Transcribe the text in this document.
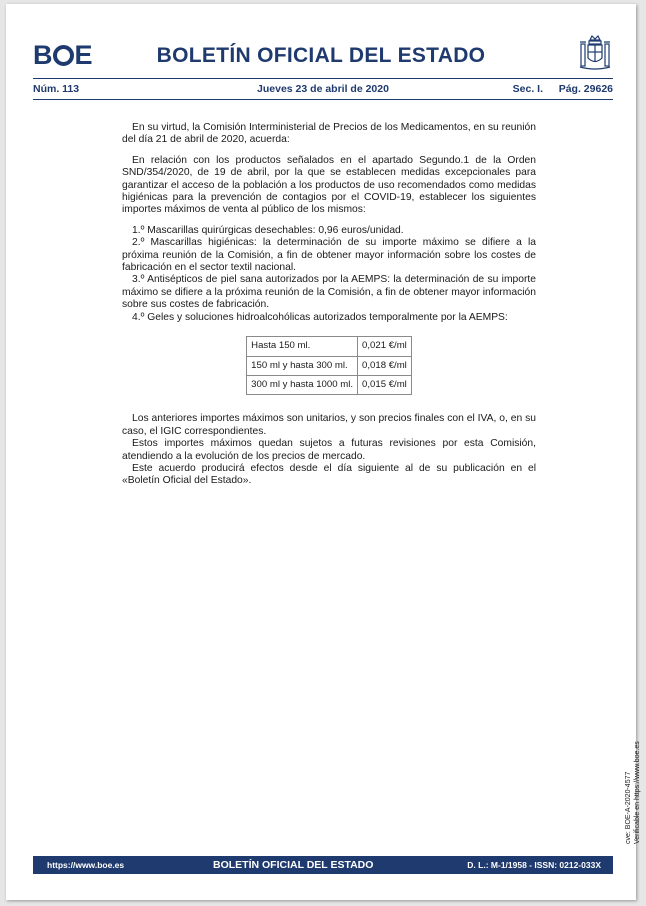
B E	BOLETÍN OFICIAL DEL ESTADO
Núm. 113	Jueves 23 de abril de 2020	Sec. I. Pág. 29626

En su virtud, la Comisión Interministerial de Precios de los Medicamentos, en su reunión del día 21 de abril de 2020, acuerda:

En relación con los productos señalados en el apartado Segundo.1 de la Orden SND/354/2020, de 19 de abril, por la que se establecen medidas excepcionales para garantizar el acceso de la población a los productos de uso recomendados como medidas higiénicas para la prevención de contagios por el COVID-19, establecer los siguientes importes máximos de venta al público de los mismos:

1.º Mascarillas quirúrgicas desechables: 0,96 euros/unidad.

2.º Mascarillas higiénicas: la determinación de su importe máximo se difiere a la próxima reunión de la Comisión, a fin de obtener mayor información sobre los costes de fabricación en el sector textil nacional.

3.º Antisépticos de piel sana autorizados por la AEMPS: la determinación de su importe máximo se difiere a la próxima reunión de la Comisión, a fin de obtener mayor información sobre sus costes de fabricación.

4.º Geles y soluciones hidroalcohólicas autorizados temporalmente por la AEMPS:

Hasta 150 ml.	0,021 €/ml
150 ml y hasta 300 ml.	0,018 €/ml
300 ml y hasta 1000 ml.	0,015 €/ml

Los anteriores importes máximos son unitarios, y son precios finales con el IVA, o, en su caso, el IGIC correspondientes.

Estos importes máximos quedan sujetos a futuras revisiones por esta Comisión, atendiendo a la evolución de los precios de mercado.

Este acuerdo producirá efectos desde el día siguiente al de su publicación en el «Boletín Oficial del Estado».

cve: BOE-A-2020-4577 Verificable en https://www.boe.es
https://www.boe.es	BOLETÍN OFICIAL DEL ESTADO	D. L.: M-1/1958 - ISSN: 0212-033X
